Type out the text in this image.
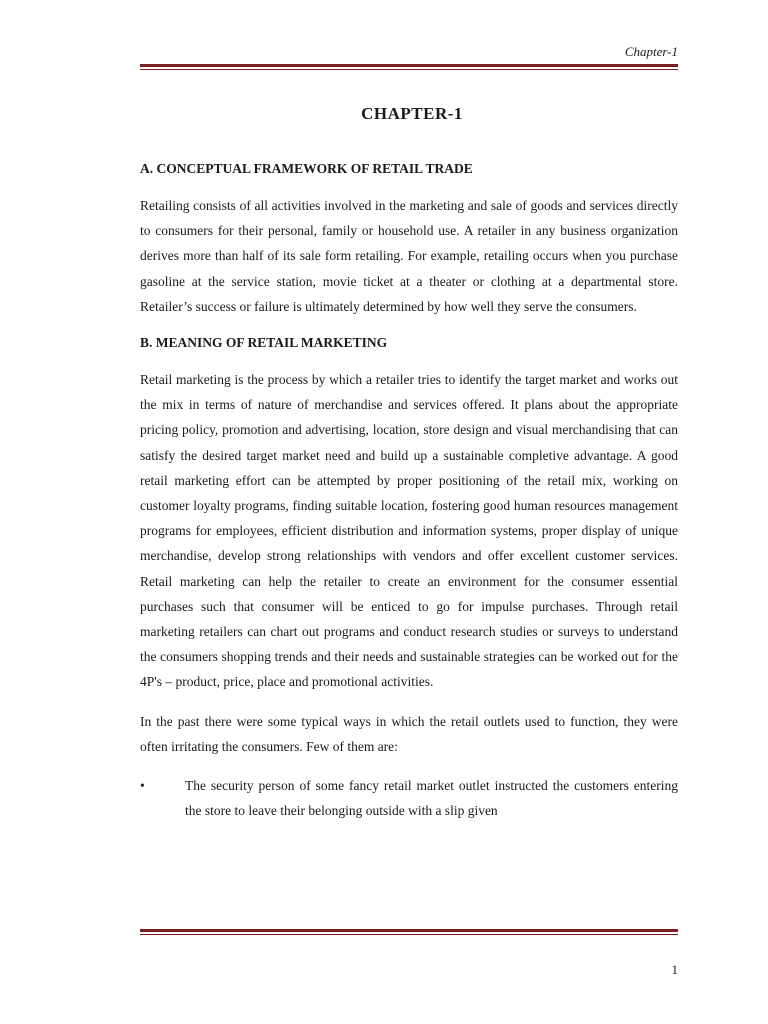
Chapter-1
CHAPTER-1
A. CONCEPTUAL FRAMEWORK OF RETAIL TRADE

Retailing consists of all activities involved in the marketing and sale of goods and services directly to consumers for their personal, family or household use. A retailer in any business organization derives more than half of its sale form retailing. For example, retailing occurs when you purchase gasoline at the service station, movie ticket at a theater or clothing at a departmental store. Retailer’s success or failure is ultimately determined by how well they serve the consumers.

B. MEANING OF RETAIL MARKETING

Retail marketing is the process by which a retailer tries to identify the target market and works out the mix in terms of nature of merchandise and services offered. It plans about the appropriate pricing policy, promotion and advertising, location, store design and visual merchandising that can satisfy the desired target market need and build up a sustainable completive advantage. A good retail marketing effort can be attempted by proper positioning of the retail mix, working on customer loyalty programs, finding suitable location, fostering good human resources management programs for employees, efficient distribution and information systems, proper display of unique merchandise, develop strong relationships with vendors and offer excellent customer services. Retail marketing can help the retailer to create an environment for the consumer essential purchases such that consumer will be enticed to go for impulse purchases. Through retail marketing retailers can chart out programs and conduct research studies or surveys to understand the consumers shopping trends and their needs and sustainable strategies can be worked out for the 4P's – product, price, place and promotional activities.

In the past there were some typical ways in which the retail outlets used to function, they were often irritating the consumers. Few of them are:

•	The security person of some fancy retail market outlet instructed the customers entering the store to leave their belonging outside with a slip given

1
